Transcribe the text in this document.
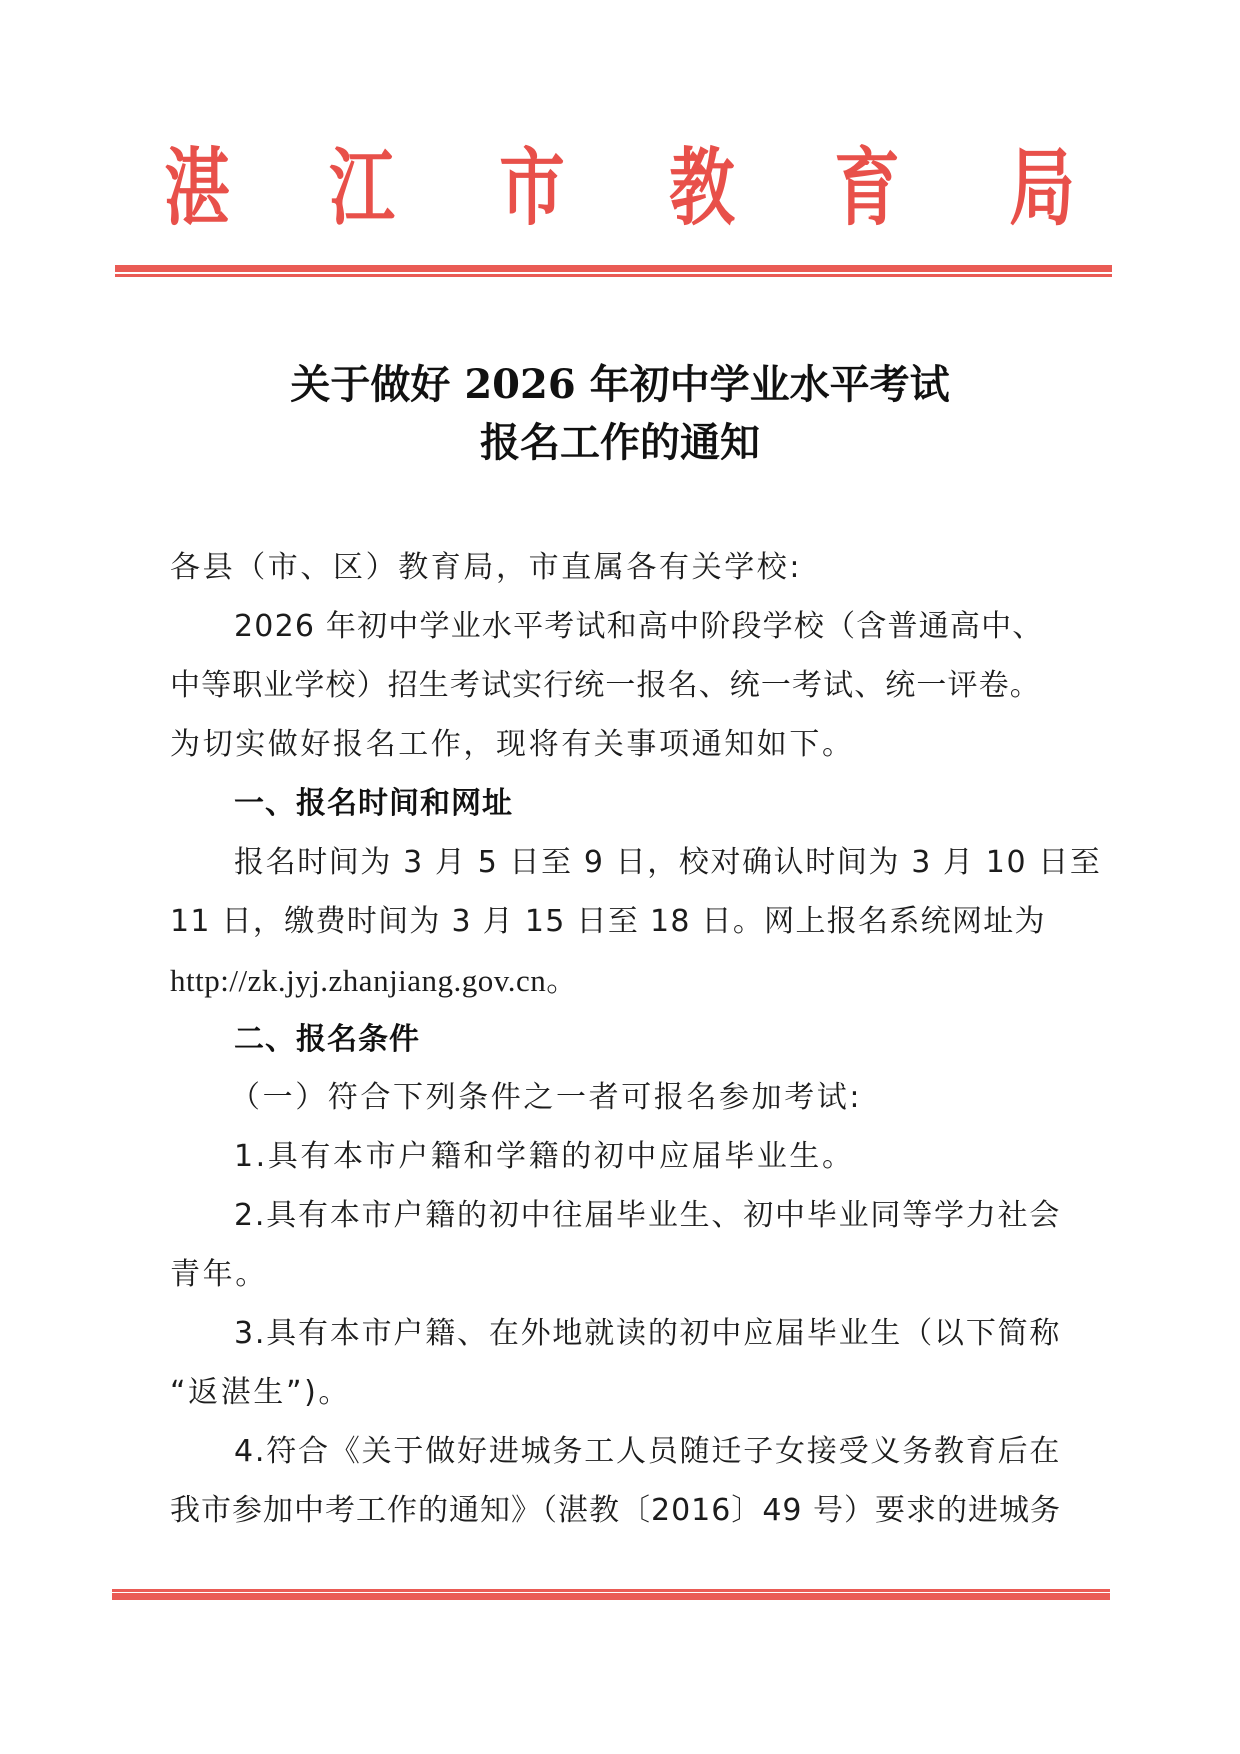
湛 江 市 教 育 局
关于做好 2026 年初中学业水平考试
报名工作的通知
各县（市、区）教育局，市直属各有关学校:
2026 年初中学业水平考试和高中阶段学校（含普通高中、
中等职业学校）招生考试实行统一报名、统一考试、统一评卷。
为切实做好报名工作，现将有关事项通知如下。
一、报名时间和网址
报名时间为 3 月 5 日至 9 日，校对确认时间为 3 月 10 日至
11 日，缴费时间为 3 月 15 日至 18 日。网上报名系统网址为
http://zk.jyj.zhanjiang.gov.cn。
二、报名条件
（一）符合下列条件之一者可报名参加考试:
1.具有本市户籍和学籍的初中应届毕业生。
2.具有本市户籍的初中往届毕业生、初中毕业同等学力社会
青年。
3.具有本市户籍、在外地就读的初中应届毕业生（以下简称
“返湛生”)。
4.符合《关于做好进城务工人员随迁子女接受义务教育后在
我市参加中考工作的通知》（湛教〔2016〕49 号）要求的进城务
